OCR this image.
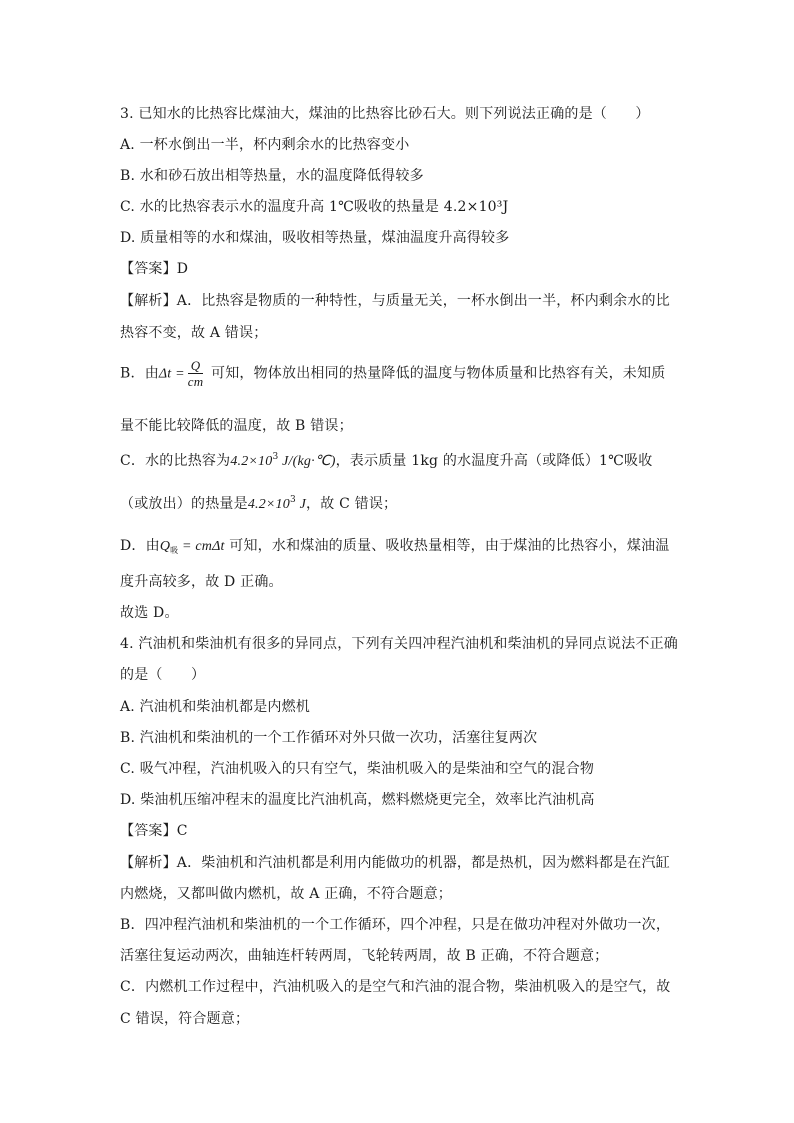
3. 已知水的比热容比煤油大，煤油的比热容比砂石大。则下列说法正确的是（　　）
A. 一杯水倒出一半，杯内剩余水的比热容变小
B. 水和砂石放出相等热量，水的温度降低得较多
C. 水的比热容表示水的温度升高 1℃吸收的热量是 4.2×10³J
D. 质量相等的水和煤油，吸收相等热量，煤油温度升高得较多
【答案】D
【解析】A．比热容是物质的一种特性，与质量无关，一杯水倒出一半，杯内剩余水的比
热容不变，故 A 错误；
B．由$\Delta t = \frac{Q}{cm}$ 可知，物体放出相同的热量降低的温度与物体质量和比热容有关，未知质
量不能比较降低的温度，故 B 错误；
C．水的比热容为$4.2\times 10^3$ J/(kg·℃)，表示质量 1kg 的水温度升高（或降低）1℃吸收
（或放出）的热量是$4.2\times 10^3$ J，故 C 错误；
D．由$Q_吸 = cm\Delta t$ 可知，水和煤油的质量、吸收热量相等，由于煤油的比热容小，煤油温
度升高较多，故 D 正确。
故选 D。
4. 汽油机和柴油机有很多的异同点，下列有关四冲程汽油机和柴油机的异同点说法不正确
的是（　　）
A. 汽油机和柴油机都是内燃机
B. 汽油机和柴油机的一个工作循环对外只做一次功，活塞往复两次
C. 吸气冲程，汽油机吸入的只有空气，柴油机吸入的是柴油和空气的混合物
D. 柴油机压缩冲程末的温度比汽油机高，燃料燃烧更完全，效率比汽油机高
【答案】C
【解析】A．柴油机和汽油机都是利用内能做功的机器，都是热机，因为燃料都是在汽缸
内燃烧，又都叫做内燃机，故 A 正确，不符合题意；
B．四冲程汽油机和柴油机的一个工作循环，四个冲程，只是在做功冲程对外做功一次，
活塞往复运动两次，曲轴连杆转两周，飞轮转两周，故 B 正确，不符合题意；
C．内燃机工作过程中，汽油机吸入的是空气和汽油的混合物，柴油机吸入的是空气，故
C 错误，符合题意；
